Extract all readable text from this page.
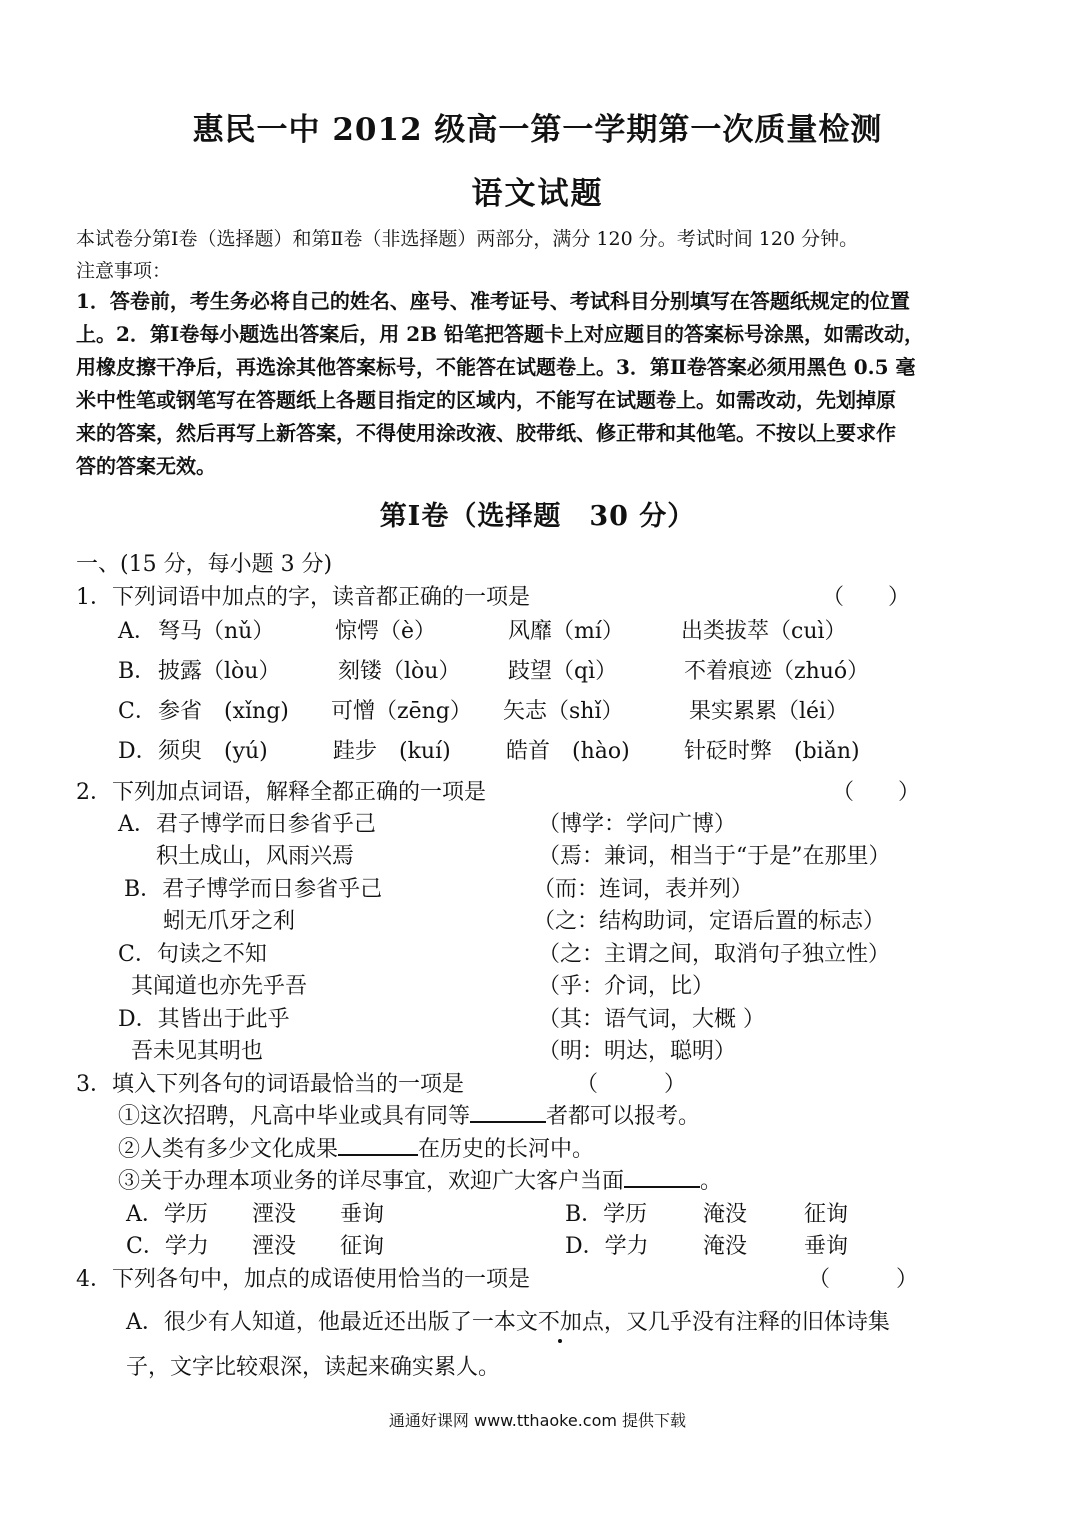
惠民一中 2012 级高一第一学期第一次质量检测
语文试题
本试卷分第Ⅰ卷（选择题）和第Ⅱ卷（非选择题）两部分，满分 120 分。考试时间 120 分钟。
注意事项：
1．答卷前，考生务必将自己的姓名、座号、准考证号、考试科目分别填写在答题纸规定的位置
上。2．第Ⅰ卷每小题选出答案后，用 2B 铅笔把答题卡上对应题目的答案标号涂黑，如需改动，
用橡皮擦干净后，再选涂其他答案标号，不能答在试题卷上。3．第Ⅱ卷答案必须用黑色 0.5 毫
米中性笔或钢笔写在答题纸上各题目指定的区域内，不能写在试题卷上。如需改动，先划掉原
来的答案，然后再写上新答案，不得使用涂改液、胶带纸、修正带和其他笔。不按以上要求作
答的答案无效。
第Ⅰ卷（选择题　30 分）
一、(15 分，每小题 3 分)
1．下列词语中加点的字，读音都正确的一项是	（　　）
A． 弩马（nǔ）	惊愕（è）	风靡（mí）	出类拔萃（cuì）
B． 披露（lòu）	刻镂（lòu） 跂望（qì）	不着痕迹（zhuó）
C． 参省　(xǐng) 可憎（zēng） 矢志（shǐ）	果实累累（léi）
D． 须臾　(yú)	跬步　(kuí)	皓首　(hào) 针砭时弊　(biǎn)
2．下列加点词语，解释全都正确的一项是	（　　）
A．君子博学而日参省乎己	（博学：学问广博）
积土成山，风雨兴焉	（焉：兼词，相当于“于是”在那里）
B．君子博学而日参省乎己	（而：连词，表并列）
蚓无爪牙之利	（之：结构助词，定语后置的标志）
C．句读之不知	（之：主谓之间，取消句子独立性）
其闻道也亦先乎吾	（乎：介词，比）
D．其皆出于此乎	（其：语气词，大概 ）
吾未见其明也	（明：明达，聪明）
3．填入下列各句的词语最恰当的一项是	（　　　）
①这次招聘，凡高中毕业或具有同等	者都可以报考。
②人类有多少文化成果	在历史的长河中。
③关于办理本项业务的详尽事宜，欢迎广大客户当面	。
A．学历 湮没 垂询	B．学历	淹没	征询
C．学力 湮没 征询	D．学力 淹没	垂询
4．下列各句中，加点的成语使用恰当的一项是	（　　　）
A．很少有人知道，他最近还出版了一本文不加点，又几乎没有注释的旧体诗集
子，文字比较艰深，读起来确实累人。
通通好课网 www.tthaoke.com 提供下载
